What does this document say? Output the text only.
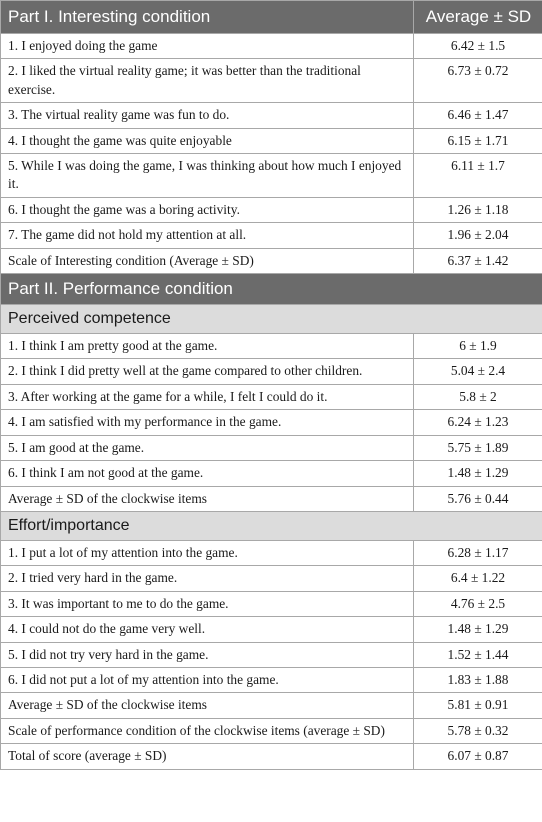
Part I. Interesting condition	Average ± SD
1. I enjoyed doing the game	6.42 ± 1.5
2. I liked the virtual reality game; it was better than the traditional exercise.	6.73 ± 0.72
3. The virtual reality game was fun to do.	6.46 ± 1.47
4. I thought the game was quite enjoyable	6.15 ± 1.71
5. While I was doing the game, I was thinking about how much I enjoyed it.	6.11 ± 1.7
6. I thought the game was a boring activity.	1.26 ± 1.18
7. The game did not hold my attention at all.	1.96 ± 2.04
Scale of Interesting condition (Average ± SD)	6.37 ± 1.42
Part II. Performance condition	
Perceived competence	
1. I think I am pretty good at the game.	6 ± 1.9
2. I think I did pretty well at the game compared to other children.	5.04 ± 2.4
3. After working at the game for a while, I felt I could do it.	5.8 ± 2
4. I am satisfied with my performance in the game.	6.24 ± 1.23
5. I am good at the game.	5.75 ± 1.89
6. I think I am not good at the game.	1.48 ± 1.29
Average ± SD of the clockwise items	5.76 ± 0.44
Effort/importance	
1. I put a lot of my attention into the game.	6.28 ± 1.17
2. I tried very hard in the game.	6.4 ± 1.22
3. It was important to me to do the game.	4.76 ± 2.5
4. I could not do the game very well.	1.48 ± 1.29
5. I did not try very hard in the game.	1.52 ± 1.44
6. I did not put a lot of my attention into the game.	1.83 ± 1.88
Average ± SD of the clockwise items	5.81 ± 0.91
Scale of performance condition of the clockwise items (average ± SD)	5.78 ± 0.32
Total of score (average ± SD)	6.07 ± 0.87
